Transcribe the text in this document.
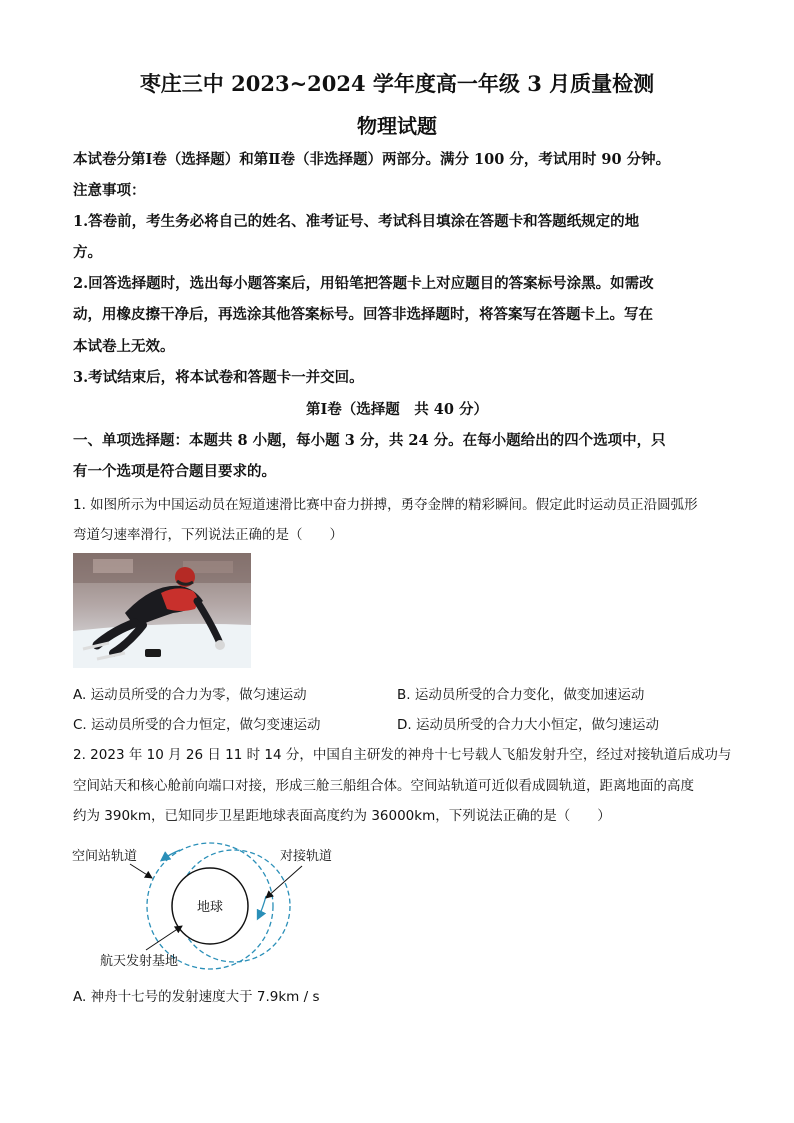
枣庄三中 2023~2024 学年度高一年级 3 月质量检测
物理试题
本试卷分第Ⅰ卷（选择题）和第Ⅱ卷（非选择题）两部分。满分 100 分，考试用时 90 分钟。
注意事项：
1.答卷前，考生务必将自己的姓名、准考证号、考试科目填涂在答题卡和答题纸规定的地
方。
2.回答选择题时，选出每小题答案后，用铅笔把答题卡上对应题目的答案标号涂黑。如需改
动，用橡皮擦干净后，再选涂其他答案标号。回答非选择题时，将答案写在答题卡上。写在
本试卷上无效。
3.考试结束后，将本试卷和答题卡一并交回。
第Ⅰ卷（选择题　共 40 分）
一、单项选择题：本题共 8 小题，每小题 3 分，共 24 分。在每小题给出的四个选项中，只
有一个选项是符合题目要求的。
1. 如图所示为中国运动员在短道速滑比赛中奋力拼搏，勇夺金牌的精彩瞬间。假定此时运动员正沿圆弧形
弯道匀速率滑行，下列说法正确的是（　　）
A. 运动员所受的合力为零，做匀速运动	B. 运动员所受的合力变化，做变加速运动
C. 运动员所受的合力恒定，做匀变速运动	D. 运动员所受的合力大小恒定，做匀速运动
2. 2023 年 10 月 26 日 11 时 14 分，中国自主研发的神舟十七号载人飞船发射升空，经过对接轨道后成功与
空间站天和核心舱前向端口对接，形成三舱三船组合体。空间站轨道可近似看成圆轨道，距离地面的高度
约为 390km，已知同步卫星距地球表面高度约为 36000km，下列说法正确的是（　　）
地球
空间站轨道	对接轨道
航天发射基地
A. 神舟十七号的发射速度大于 7.9km / s
